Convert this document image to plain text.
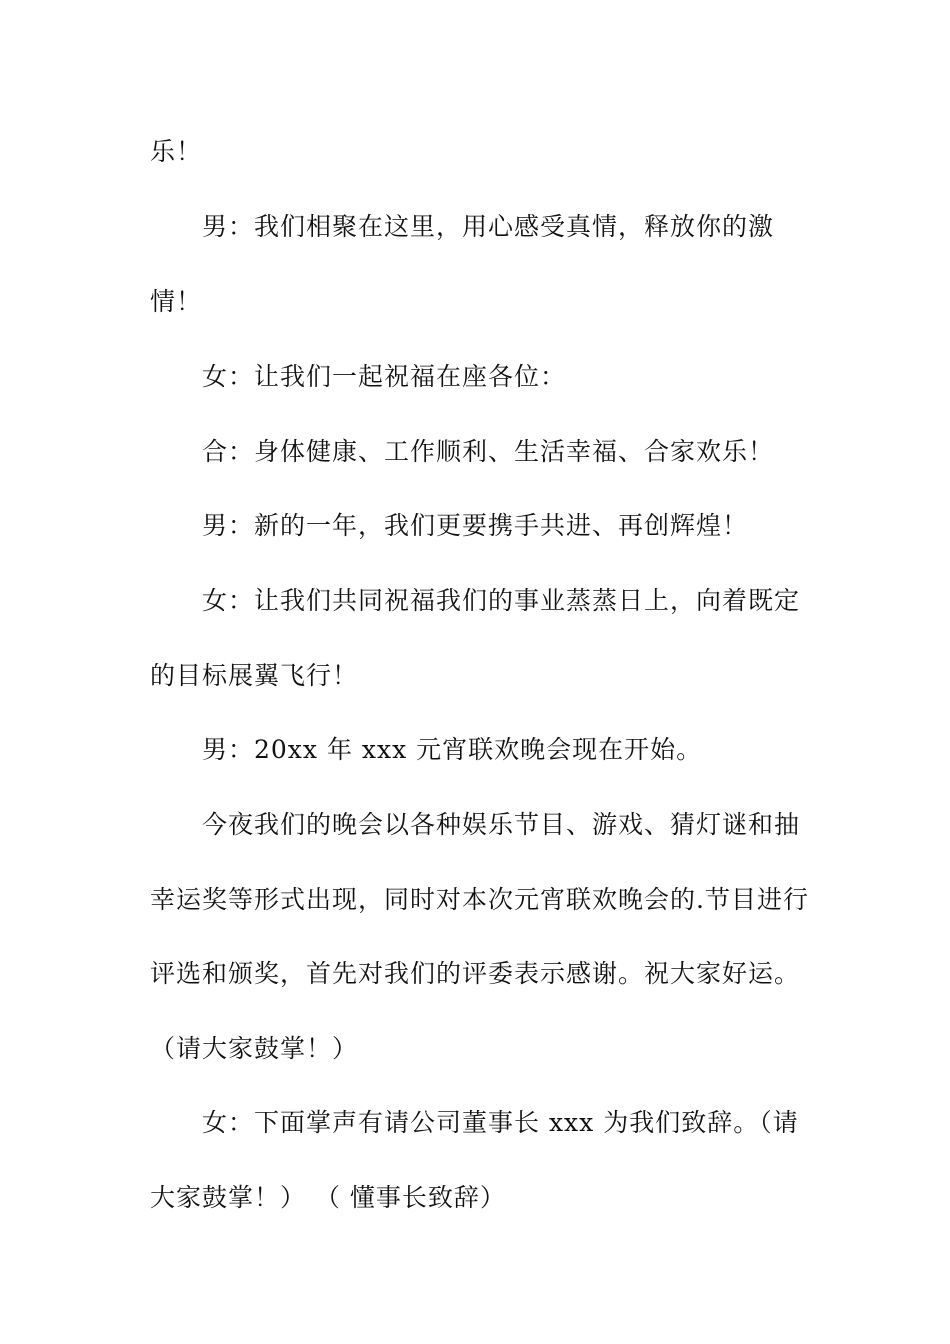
乐！
男：我们相聚在这里，用心感受真情，释放你的激
情！
女：让我们一起祝福在座各位：
合：身体健康、工作顺利、生活幸福、合家欢乐！
男：新的一年，我们更要携手共进、再创辉煌！
女：让我们共同祝福我们的事业蒸蒸日上，向着既定
的目标展翼飞行！
男：20xx 年 xxx 元宵联欢晚会现在开始。
今夜我们的晚会以各种娱乐节目、游戏、猜灯谜和抽
幸运奖等形式出现，同时对本次元宵联欢晚会的.节目进行
评选和颁奖，首先对我们的评委表示感谢。祝大家好运。
（请大家鼓掌！）
女：下面掌声有请公司董事长 xxx 为我们致辞。（请
大家鼓掌！） （ 懂事长致辞）
